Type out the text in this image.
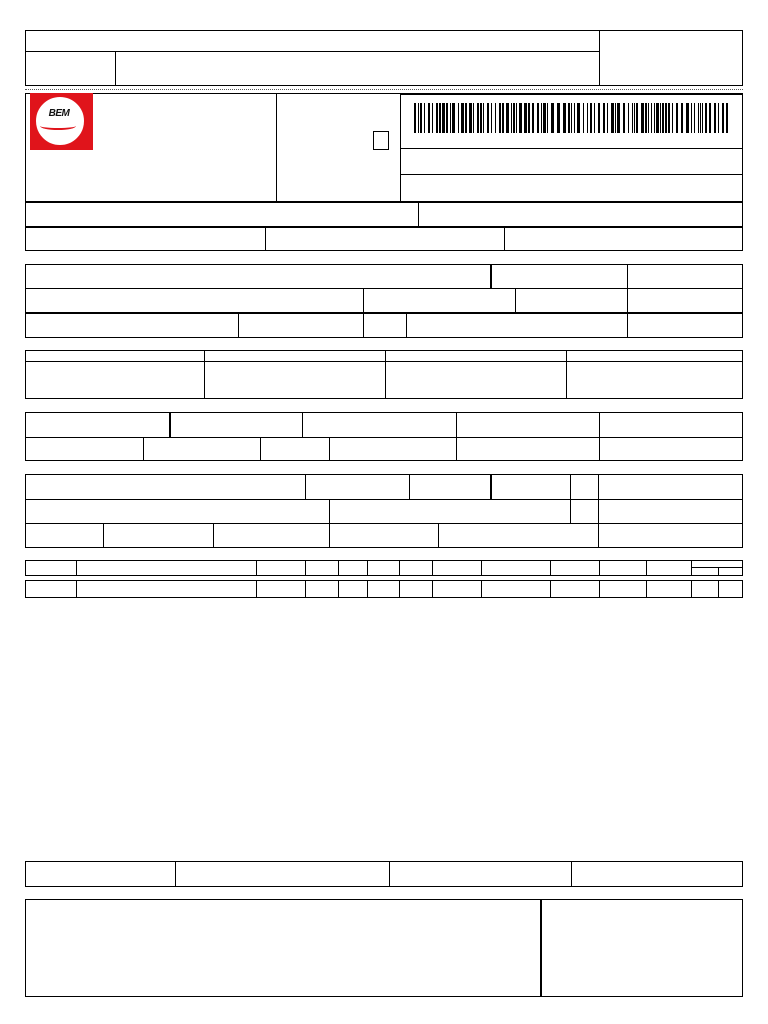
BEM
